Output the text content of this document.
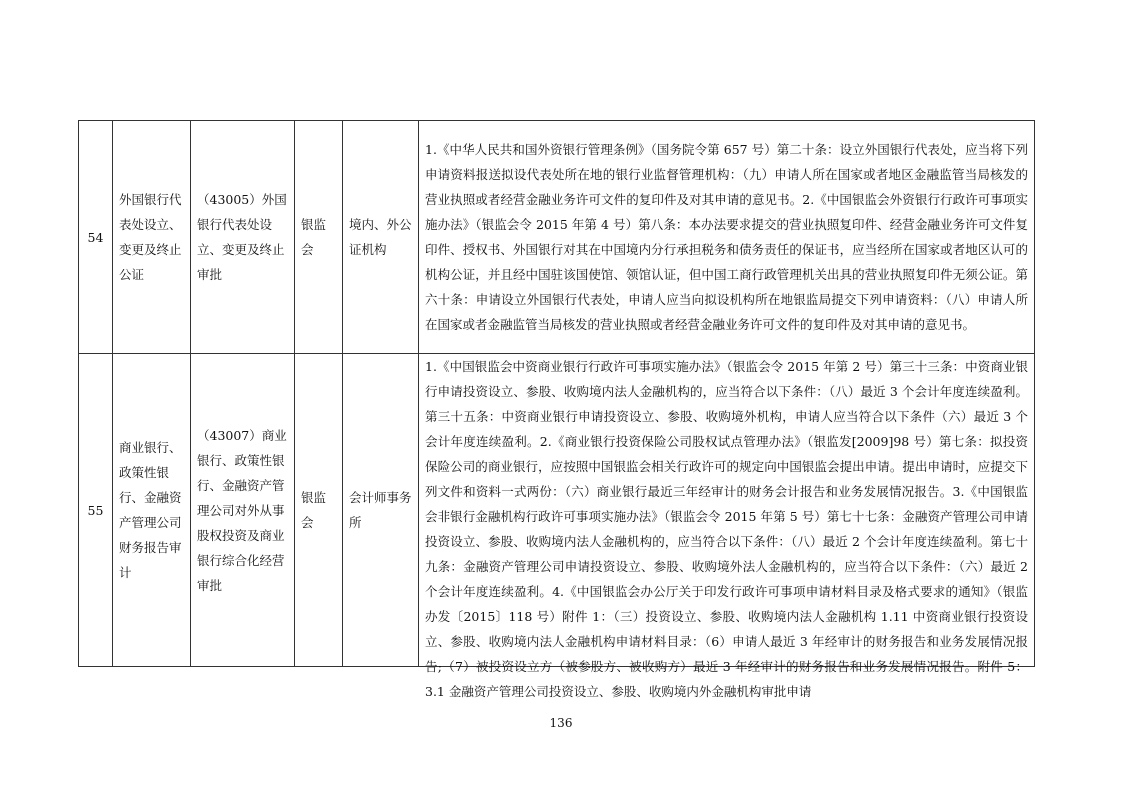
54	外国银行代表处设立、变更及终止公证	（43005）外国银行代表处设立、变更及终止审批	银监会	境内、外公证机构	1.《中华人民共和国外资银行管理条例》（国务院令第 657 号）第二十条：设立外国银行代表处，应当将下列申请资料报送拟设代表处所在地的银行业监督管理机构：（九）申请人所在国家或者地区金融监管当局核发的营业执照或者经营金融业务许可文件的复印件及对其申请的意见书。2.《中国银监会外资银行行政许可事项实施办法》（银监会令 2015 年第 4 号）第八条：本办法要求提交的营业执照复印件、经营金融业务许可文件复印件、授权书、外国银行对其在中国境内分行承担税务和债务责任的保证书，应当经所在国家或者地区认可的机构公证，并且经中国驻该国使馆、领馆认证，但中国工商行政管理机关出具的营业执照复印件无须公证。第六十条：申请设立外国银行代表处，申请人应当向拟设机构所在地银监局提交下列申请资料：（八）申请人所在国家或者金融监管当局核发的营业执照或者经营金融业务许可文件的复印件及对其申请的意见书。

55	商业银行、政策性银行、金融资产管理公司财务报告审计	（43007）商业银行、政策性银行、金融资产管理公司对外从事股权投资及商业银行综合化经营审批	银监会	会计师事务所	1.《中国银监会中资商业银行行政许可事项实施办法》（银监会令 2015 年第 2 号）第三十三条：中资商业银行申请投资设立、参股、收购境内法人金融机构的，应当符合以下条件：（八）最近 3 个会计年度连续盈利。第三十五条：中资商业银行申请投资设立、参股、收购境外机构，申请人应当符合以下条件（六）最近 3 个会计年度连续盈利。2.《商业银行投资保险公司股权试点管理办法》（银监发[2009]98 号）第七条：拟投资保险公司的商业银行，应按照中国银监会相关行政许可的规定向中国银监会提出申请。提出申请时，应提交下列文件和资料一式两份：（六）商业银行最近三年经审计的财务会计报告和业务发展情况报告。3.《中国银监会非银行金融机构行政许可事项实施办法》（银监会令 2015 年第 5 号）第七十七条：金融资产管理公司申请投资设立、参股、收购境内法人金融机构的，应当符合以下条件：（八）最近 2 个会计年度连续盈利。第七十九条：金融资产管理公司申请投资设立、参股、收购境外法人金融机构的，应当符合以下条件：（六）最近 2 个会计年度连续盈利。4.《中国银监会办公厅关于印发行政许可事项申请材料目录及格式要求的通知》（银监办发〔2015〕118 号）附件 1：（三）投资设立、参股、收购境内法人金融机构 1.11 中资商业银行投资设立、参股、收购境内法人金融机构申请材料目录：（6）申请人最近 3 年经审计的财务报告和业务发展情况报告;（7）被投资设立方（被参股方、被收购方）最近 3 年经审计的财务报告和业务发展情况报告。附件 5：3.1 金融资产管理公司投资设立、参股、收购境内外金融机构审批申请
136
